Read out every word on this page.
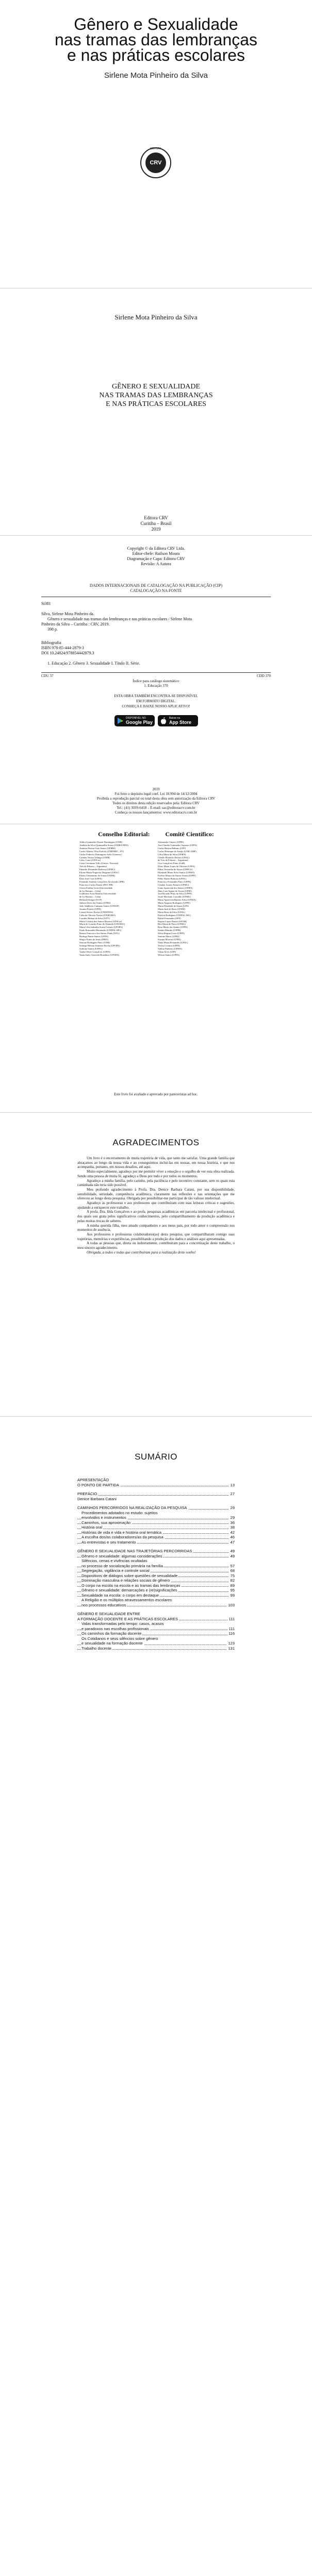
Gênero e Sexualidade
nas tramas das lembranças
e nas práticas escolares
Sirlene Mota Pinheiro da Silva
EDITORA
CRV
Sirlene Mota Pinheiro da Silva
GÊNERO E SEXUALIDADE
NAS TRAMAS DAS LEMBRANÇAS
E NAS PRÁTICAS ESCOLARES
Editora CRV
Curitiba – Brasil
2019
Copyright © da Editora CRV Ltda.
Editor-chefe: Railson Moura
Diagramação e Capa: Editora CRV
Revisão: A Autora
DADOS INTERNACIONAIS DE CATALOGAÇÃO NA PUBLICAÇÃO (CIP)
CATALOGAÇÃO NA FONTE
Si381
Silva, Sirlene Mota Pinheiro da.
Gênero e sexualidade nas tramas das lembranças e nas práticas escolares / Sirlene Mota
Pinheiro da Silva – Curitiba : CRV, 2019.
398 p.
Bibliografia
ISBN 978-85-444-2879-3
DOI 10.24824/978854442879.3
1. Educação 2. Gênero 3. Sexualidade I. Título II. Série.
CDU 37	CDD 370
Índice para catálogo sistemático
1. Educação 370
ESTA OBRA TAMBÉM ENCONTRA-SE DISPONÍVEL
EM FORMATO DIGITAL.
CONHEÇA E BAIXE NOSSO APLICATIVO!
DISPONÍVEL NO
Google Play
Baixar na
App Store
2019
Foi feito o depósito legal conf. Lei 10.994 de 14/12/2004
Proibida a reprodução parcial ou total desta obra sem autorização da Editora CRV
Todos os direitos desta edição reservados pela: Editora CRV
Tel.: (41) 3039-6418 – E-mail: sac@editoracrv.com.br
Conheça os nossos lançamentos: www.editoracrv.com.br
Conselho Editorial:          Comitê Científico:
Aldira Guimarães Duarte Domínguez (UNB)
Andréia da Silva Quintanilha Sousa (UNIR/UFRN)
Antônio Pereira Gaio Júnior (UFRRJ)
Carlos Alberto Vilar Estêvão (UMINHO – PT)
Carlos Federico Dominguez Avila (Unieuro)
Carmen Tereza Velanga (UNIR)
Celso Conti (UFSCar)
Cesar Gerónimo Tello (Univer .Nacional
Três de Febrero – Argentina)
Eduardo Fernandes Barbosa (UFMG)
Elione Maria Nogueira Diogenes (UFAL)
Elizeu Clementino de Souza (UNEB)
Élsio José Corá (UFFS)
Fernando Antônio Gonçalves Alcoforado (IPB)
Francisco Carlos Duarte (PUC-PR)
Gloria Fariñas León (Universidade
de La Havana – Cuba)
Guillermo Arias Beatón (Universidade
de La Havana – Cuba)
Helmuth Krüger (UCP)
Jailson Alves dos Santos (UFRJ)
João Adalberto Campato Junior (UNESP)
Josania Portela (UFPI)
Leonel Severo Rocha (UNISINOS)
Lídia de Oliveira Xavier (UNIEURO)
Lourdes Helena da Silva (UFV)
Maria Cristina dos Santos Bezerra (UFSCar)
Maria de Lourdes Pinto de Almeida (UNOESC)
Maria Lília Imbiriba Sousa Colares (UFOPA)
Paulo Romualdo Hernandes (UNIFAL-MG)
Renato Francisco dos Santos Paula (UFG)
Rodrigo Pratte-Santos (UFES)
Sérgio Nunes de Jesus (IFRO)
Simone Rodrigues Pinto (UNB)
Solange Helena Ximenes-Rocha (UFOPA)
Sydione Santos (UEPG)
Tadeu Oliver Gonçalves (UFPA)
Tania Suely Azevedo Brasileiro (UFOPA)
Alessandra Chaves (UFPE)
Ana Claudia Guimarães Siqueira (UFPA)
Carlos Batista Balbino (UFF)
Carlos Henrique de Araújo (UNICAMP)
Célia Maria da Silva (UFRN)
Cibelle Monteiro Pereira (UFAL)
de Tres de Febrero – Argentina)
Ciro Gonçalves Pinto (UnB)
Dóris Maria Lopes de Oliveira (UFPA)
Edina Terezinha de Souza (UFRGS)
Elizabeth Maria Silva Santos (UFMA)
Evelise Moura da Santos Souza (UFPE)
Fábio Nunes Barbosa (UFAL)
Francisco Fernandes Pinto (UFPE)
Glauber Soares Pastore (UFMG)
Ivana Aparecida dos Santos (UFRN)
Jânio Luiz Aguiar de Souza (UFRJ)
José Ricardo Pinto da Silva (UFPE)
Josué Machado Carvalho (UFMG)
Maria Aparecida Barreto Silva (UFMA)
Maria Augusta Rodrigues (UFPE)
Maria Elizabeth de Souza (UFS)
Maria José de Brito (UFSM)
Maria Rosa da Silva (UFAL)
Patrícia Rodrigues (UNIFAL-MG)
Rafael Fernandes (UFF)
Regina Lopes Duarte (UFAM)
Rita Maria de Paiva (UFMG)
Rosa Maria dos Santos (UFPE)
Sandra Mendes (UFPB)
Sílvia Regina Costa (UFPE)
Simone Matos (UFRJ)
Suzana Moreira (UFPA)
Tânia Maria Fernandes (UFAL)
Teresa Cristina (UFPE)
Valéria Pinheiro (UFMA)
Vânia Alves (UFF)
Wilson Santos (UFPA)
Este livro foi avaliado e aprovado por pareceristas ad hoc.
AGRADECIMENTOS

Um livro é o encerramento de muita trajetória de vida, que tanto me satisfaz. Uma grande família que abraçamos ao longo da nossa vida e ao conseguirmos incluí-las em nossas, em nossa história, e que nos acompanha, portanto, em nossos desafios, até aqui.

Muito especialmente, agradeço por me permitir viver a emoção e o orgulho de ver esta obra realizada. Sendo uma pessoa de muita fé, agradeço a Deus por tudo e por todos os momentos.

Agradeço a minha família, pelo carinho, pela paciência e pelo incentivo constante, sem os quais esta caminhada não teria sido possível.

Meu profundo agradecimento à Profa. Dra. Denice Barbara Catani, por sua disponibilidade, sensibilidade, seriedade, competência acadêmica, claramente nas reflexões e nas orientações que me ofereceu ao longo desta pesquisa. Obrigada por possibilitar-me participar de tão valioso intelectual.

Agradeço às professoras e aos professores que contribuíram com suas leituras críticas e sugestões, ajudando a enriquecer este trabalho.

A profa. Dra. Iêda Gonçalves e ao profa. pesquisas acadêmicas em parceria intelectual e profissional, dos quais sou grata pelos significativos conhecimentos, pelo compartilhamento da produção acadêmica e pelas muitas trocas de saberes.

A minha querida filha, meu amado companheiro e aos meus pais, por todo amor e compreensão nos momentos de ausência.

Aos professores e professoras colaboradores(as) desta pesquisa, que compartilharam comigo suas trajetórias, memórias e experiências, possibilitando a produção dos dados e análises aqui apresentadas.

A todas as pessoas que, direta ou indiretamente, contribuíram para a concretização deste trabalho, o meu sincero agradecimento.

Obrigada, a todos e todas que contribuíram para a realização deste sonho!

SUMÁRIO
APRESENTAÇÃO
O PONTO DE PARTIDA	13
PREFÁCIO	27
Denice Barbara Catani
CAMINHOS PERCORRIDOS NA REALIZAÇÃO DA PESQUISA	29
Procedimentos adotados no estudo: sujeitos
envolvidos e instrumentos	29
Caminhos, sua aproximação	36
História oral	38
Histórias de vida e vida e história oral temática	42
A escolha dos/as colaboradores/as da pesquisa	46
As entrevistas e seu tratamento	47
GÊNERO E SEXUALIDADE NAS TRAJETÓRIAS PERCORRIDAS	49
Gênero e sexualidade: algumas considerações	49
Silêncios, cenas e vivências ocultadas
no processo de socialização primária na família	57
Segregação, vigilância e controle social	68
Dispositivos de diálogos sobre questões de sexualidade	75
Dominação masculina e relações sociais de gênero	82
O corpo na escola na escola e as tramas das lembranças	89
Gênero e sexualidade: demarcações e (re)significações	95
Sexualidade na escola: o corpo em destaque	99
A Religião e os múltiplos atravessamentos escolares
nos processos educativos	103
GÊNERO E SEXUALIDADE ENTRE
A FORMAÇÃO DOCENTE E AS PRÁTICAS ESCOLARES	111
Vidas transformadas pelo tempo: casos, acasos
e paradoxos nas escolhas profissionais	111
Os caminhos da formação docente	116
Os Cotidianos e seus silêncios sobre gênero
e sexualidade na formação docente	123
Trabalho docente	131
